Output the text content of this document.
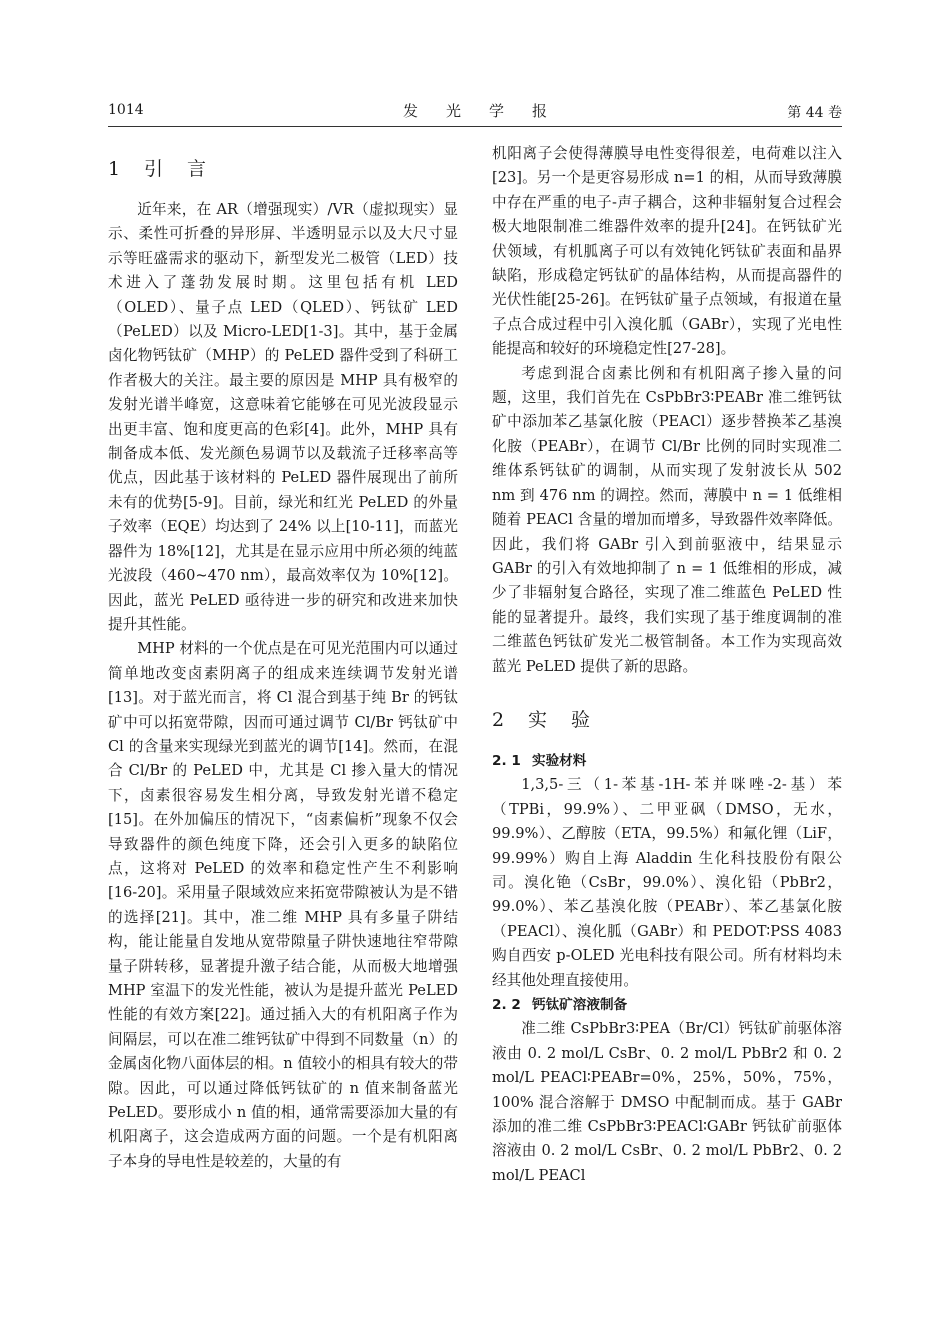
1014	发光学报	第 44 卷
1 引言

近年来，在 AR（增强现实）/VR（虚拟现实）显示、柔性可折叠的异形屏、半透明显示以及大尺寸显示等旺盛需求的驱动下，新型发光二极管（LED）技术进入了蓬勃发展时期。这里包括有机 LED（OLED）、量子点 LED（QLED）、钙钛矿 LED（PeLED）以及 Micro-LED[1-3]。其中，基于金属卤化物钙钛矿（MHP）的 PeLED 器件受到了科研工作者极大的关注。最主要的原因是 MHP 具有极窄的发射光谱半峰宽，这意味着它能够在可见光波段显示出更丰富、饱和度更高的色彩[4]。此外，MHP 具有制备成本低、发光颜色易调节以及载流子迁移率高等优点，因此基于该材料的 PeLED 器件展现出了前所未有的优势[5-9]。目前，绿光和红光 PeLED 的外量子效率（EQE）均达到了 24% 以上[10-11]，而蓝光器件为 18%[12]，尤其是在显示应用中所必须的纯蓝光波段（460~470 nm），最高效率仅为 10%[12]。因此，蓝光 PeLED 亟待进一步的研究和改进来加快提升其性能。

MHP 材料的一个优点是在可见光范围内可以通过简单地改变卤素阴离子的组成来连续调节发射光谱[13]。对于蓝光而言，将 Cl 混合到基于纯 Br 的钙钛矿中可以拓宽带隙，因而可通过调节 Cl/Br 钙钛矿中 Cl 的含量来实现绿光到蓝光的调节[14]。然而，在混合 Cl/Br 的 PeLED 中，尤其是 Cl 掺入量大的情况下，卤素很容易发生相分离，导致发射光谱不稳定[15]。在外加偏压的情况下，“卤素偏析”现象不仅会导致器件的颜色纯度下降，还会引入更多的缺陷位点，这将对 PeLED 的效率和稳定性产生不利影响[16-20]。采用量子限域效应来拓宽带隙被认为是不错的选择[21]。其中，准二维 MHP 具有多量子阱结构，能让能量自发地从宽带隙量子阱快速地往窄带隙量子阱转移，显著提升激子结合能，从而极大地增强 MHP 室温下的发光性能，被认为是提升蓝光 PeLED 性能的有效方案[22]。通过插入大的有机阳离子作为间隔层，可以在准二维钙钛矿中得到不同数量（n）的金属卤化物八面体层的相。n 值较小的相具有较大的带隙。因此，可以通过降低钙钛矿的 n 值来制备蓝光 PeLED。要形成小 n 值的相，通常需要添加大量的有机阳离子，这会造成两方面的问题。一个是有机阳离子本身的导电性是较差的，大量的有

机阳离子会使得薄膜导电性变得很差，电荷难以注入[23]。另一个是更容易形成 n=1 的相，从而导致薄膜中存在严重的电子-声子耦合，这种非辐射复合过程会极大地限制准二维器件效率的提升[24]。在钙钛矿光伏领域，有机胍离子可以有效钝化钙钛矿表面和晶界缺陷，形成稳定钙钛矿的晶体结构，从而提高器件的光伏性能[25-26]。在钙钛矿量子点领域，有报道在量子点合成过程中引入溴化胍（GABr），实现了光电性能提高和较好的环境稳定性[27-28]。

考虑到混合卤素比例和有机阳离子掺入量的问题，这里，我们首先在 CsPbBr3∶PEABr 准二维钙钛矿中添加苯乙基氯化胺（PEACl）逐步替换苯乙基溴化胺（PEABr），在调节 Cl/Br 比例的同时实现准二维体系钙钛矿的调制，从而实现了发射波长从 502 nm 到 476 nm 的调控。然而，薄膜中 n = 1 低维相随着 PEACl 含量的增加而增多，导致器件效率降低。因此，我们将 GABr 引入到前驱液中，结果显示 GABr 的引入有效地抑制了 n = 1 低维相的形成，减少了非辐射复合路径，实现了准二维蓝色 PeLED 性能的显著提升。最终，我们实现了基于维度调制的准二维蓝色钙钛矿发光二极管制备。本工作为实现高效蓝光 PeLED 提供了新的思路。

2 实验
2. 1 实验材料

1,3,5-三（1-苯基-1H-苯并咪唑-2-基）苯（TPBi，99.9%）、二甲亚砜（DMSO，无水，99.9%）、乙醇胺（ETA，99.5%）和氟化锂（LiF，99.99%）购自上海 Aladdin 生化科技股份有限公司。溴化铯（CsBr，99.0%）、溴化铅（PbBr2，99.0%）、苯乙基溴化胺（PEABr）、苯乙基氯化胺（PEACl）、溴化胍（GABr）和 PEDOT∶PSS 4083 购自西安 p-OLED 光电科技有限公司。所有材料均未经其他处理直接使用。

2. 2 钙钛矿溶液制备

准二维 CsPbBr3∶PEA（Br/Cl）钙钛矿前驱体溶液由 0. 2 mol/L CsBr、0. 2 mol/L PbBr2 和 0. 2 mol/L PEACl∶PEABr=0%，25%，50%，75%，100% 混合溶解于 DMSO 中配制而成。基于 GABr 添加的准二维 CsPbBr3∶PEACl∶GABr 钙钛矿前驱体溶液由 0. 2 mol/L CsBr、0. 2 mol/L PbBr2、0. 2 mol/L PEACl
